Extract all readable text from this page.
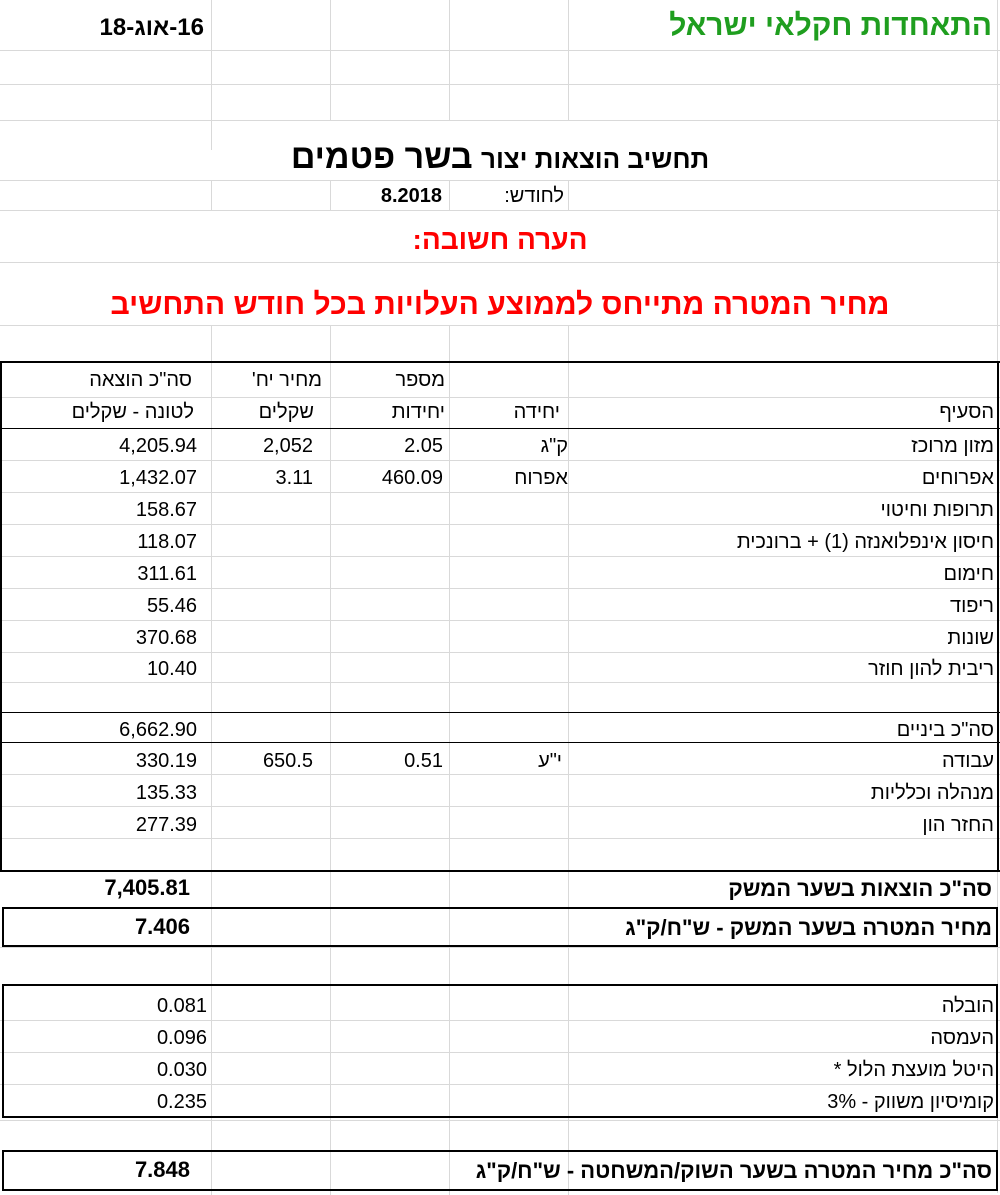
התאחדות חקלאי ישראל
16-אוג-18
תחשיב הוצאות יצור בשר פטמים
לחודש:
8.2018
הערה חשובה:
מחיר המטרה מתייחס לממוצע העלויות בכל חודש התחשיב
הסעיף
יחידה
מספר
יחידות
מחיר יח'
שקלים
סה"כ הוצאה
לטונה - שקלים
מזון מרוכז
ק"ג
2.05
2,052
4,205.94
אפרוחים
אפרוח
460.09
3.11
1,432.07
תרופות וחיטוי
158.67
חיסון אינפלואנזה (1) + ברונכית
118.07
חימום
311.61
ריפוד
55.46
שונות
370.68
ריבית להון חוזר
10.40
סה"כ ביניים
6,662.90
עבודה
י"ע
0.51
650.5
330.19
מנהלה וכלליות
135.33
החזר הון
277.39
סה"כ הוצאות בשער המשק
7,405.81
מחיר המטרה בשער המשק - ש"ח/ק"ג
7.406
הובלה
0.081
העמסה
0.096
היטל מועצת הלול *
0.030
קומיסיון משווק - 3%
0.235
סה"כ מחיר המטרה בשער השוק/המשחטה - ש"ח/ק"ג
7.848
